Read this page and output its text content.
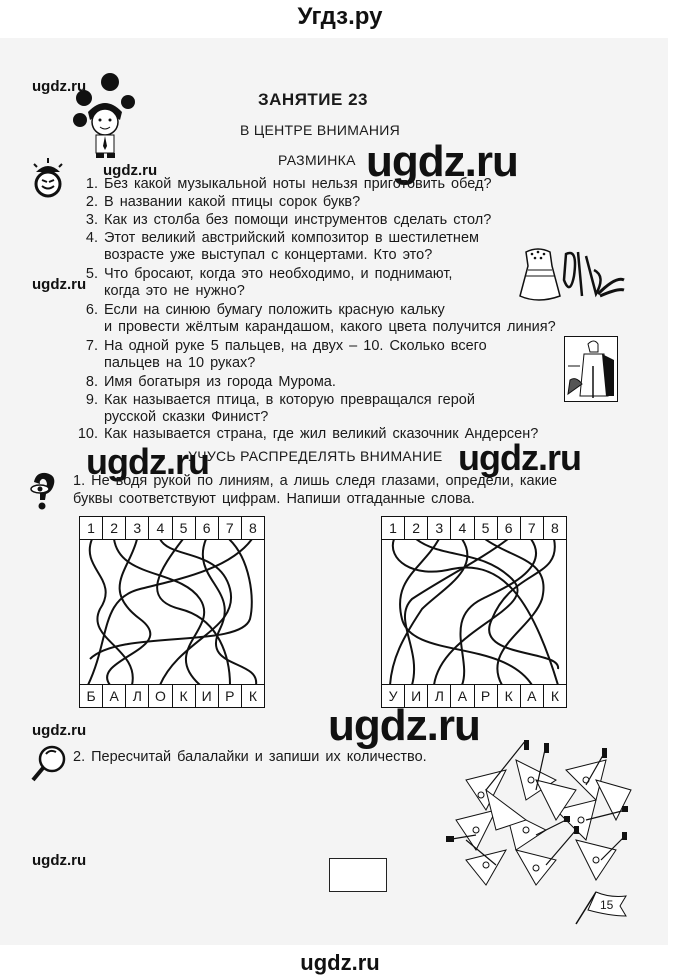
Угдз.ру
ugdz.ru
ЗАНЯТИЕ 23
В ЦЕНТРЕ ВНИМАНИЯ
РАЗМИНКА ugdz.ru
ugdz.ru
1. Без какой музыкальной ноты нельзя приготовить обед?
2. В названии какой птицы сорок букв?
3. Как из столба без помощи инструментов сделать стол?
4. Этот великий австрийский композитор в шестилетнем
возрасте уже выступал с концертами. Кто это?
5. Что бросают, когда это необходимо, и поднимают,
когда это не нужно?
6. Если на синюю бумагу положить красную кальку
и провести жёлтым карандашом, какого цвета получится линия?
7. На одной руке 5 пальцев, на двух – 10. Сколько всего
пальцев на 10 руках?
8. Имя богатыря из города Мурома.
9. Как называется птица, в которую превращался герой
русской сказки Финист?
10. Как называется страна, где жил великий сказочник Андерсен?
ugdz.ru
УЧУСЬ РАСПРЕДЕЛЯТЬ ВНИМАНИЕ
ugdz.ru	ugdz.ru
1. Не водя рукой по линиям, а лишь следя глазами, определи, какие
буквы соответствуют цифрам. Напиши отгаданные слова.
1	2	3	4	5	6	7	8
Б А Л О К	И Р	К
1	2	3	4	5	6	7	8
У И Л А Р	К	А	К
ugdz.ru	ugdz.ru
2. Пересчитай балалайки и запиши их количество.
ugdz.ru
15
ugdz.ru
